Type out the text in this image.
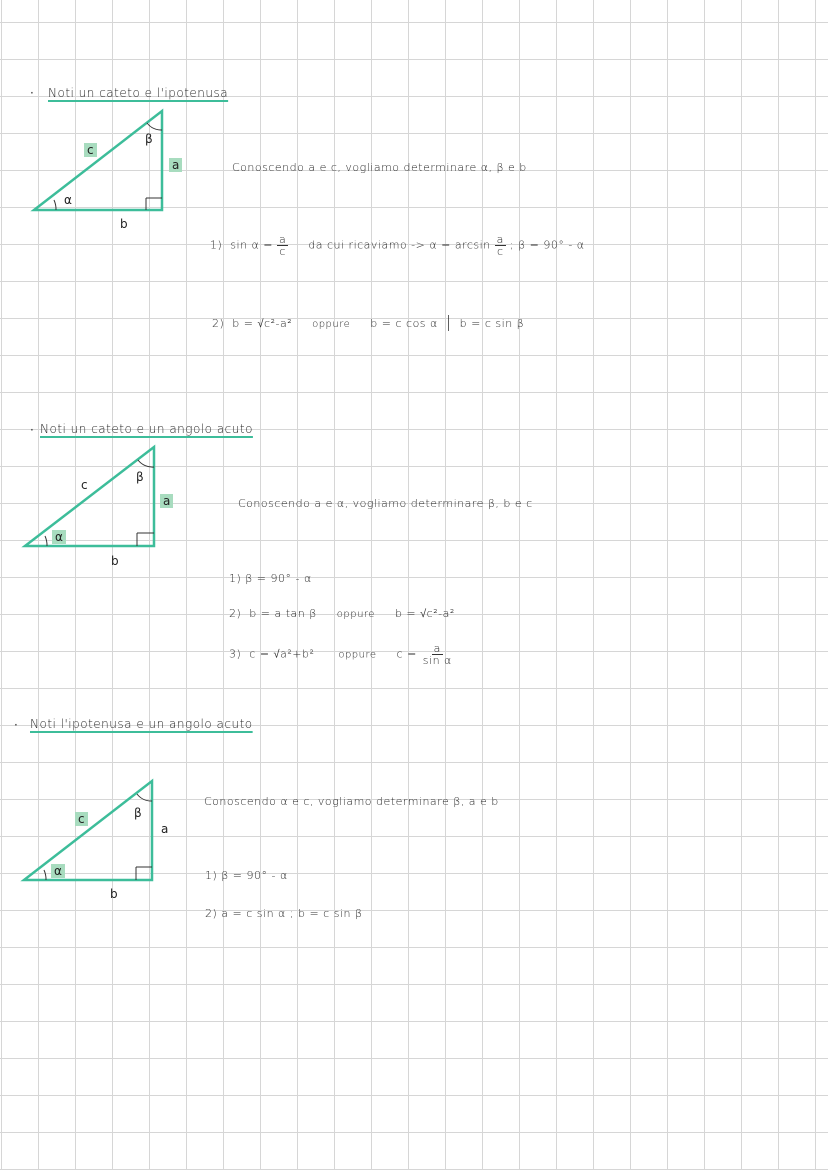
· Noti un cateto e l'ipotenusa
c
β
a
α
b
Conoscendo a e c, vogliamo determinare α, β e b
1) $\sin \alpha = \frac{a}{c}$ da cui ricaviamo -> $\alpha = \arcsin \frac{a}{c}$ ; β = 90° - α
2) b = √c²-a² oppure b = c cos α | b = c sin β
· Noti un cateto e un angolo acuto
c
β
a
α
b
Conoscendo a e α, vogliamo determinare β, b e c
1) β = 90° - α
2) b = a tan β oppure b = √c²-a²
3) c = √a²+b² oppure $c = \frac{a}{\text{sin α}}$
· Noti l'ipotenusa e un angolo acuto
c	β
a
α
b
Conoscendo α e c, vogliamo determinare β, a e b
1) β = 90° - α
2) a = c sin α ; b = c sin β
